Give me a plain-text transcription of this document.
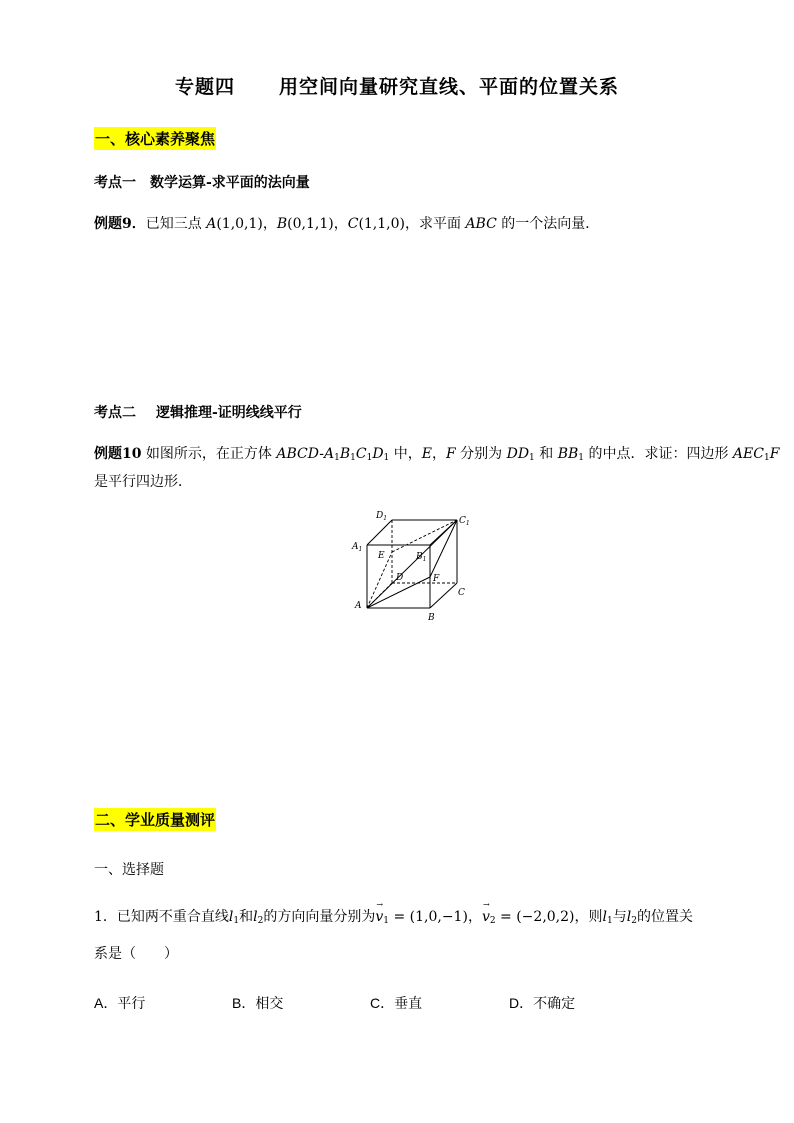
专题四 用空间向量研究直线、平面的位置关系
一、核心素养聚焦
考点一 数学运算-求平面的法向量
例题9．已知三点 A(1,0,1)，B(0,1,1)，C(1,1,0)，求平面 ABC 的一个法向量．
考点二 逻辑推理-证明线线平行
例题10 如图所示，在正方体 ABCD-$A_1B_1C_1D_1$ 中，E，F 分别为 $DD_1$ 和 $BB_1$ 的中点．求证：四边形 $AEC_1F$
是平行四边形．
$D_1$	$C_1$
$A_1$
$B_1$
E
D	F
C
A
B
二、学业质量测评
一、选择题
1．已知两不重合直线$l_1$和$l_2$的方向向量分别为
→
$v_1 = (1,0,-1)$，
→
$v_2 = (-2,0,2)$，则$l_1$与$l_2$的位置关
系是（　　）
A．平行	B．相交	C．垂直	D．不确定
